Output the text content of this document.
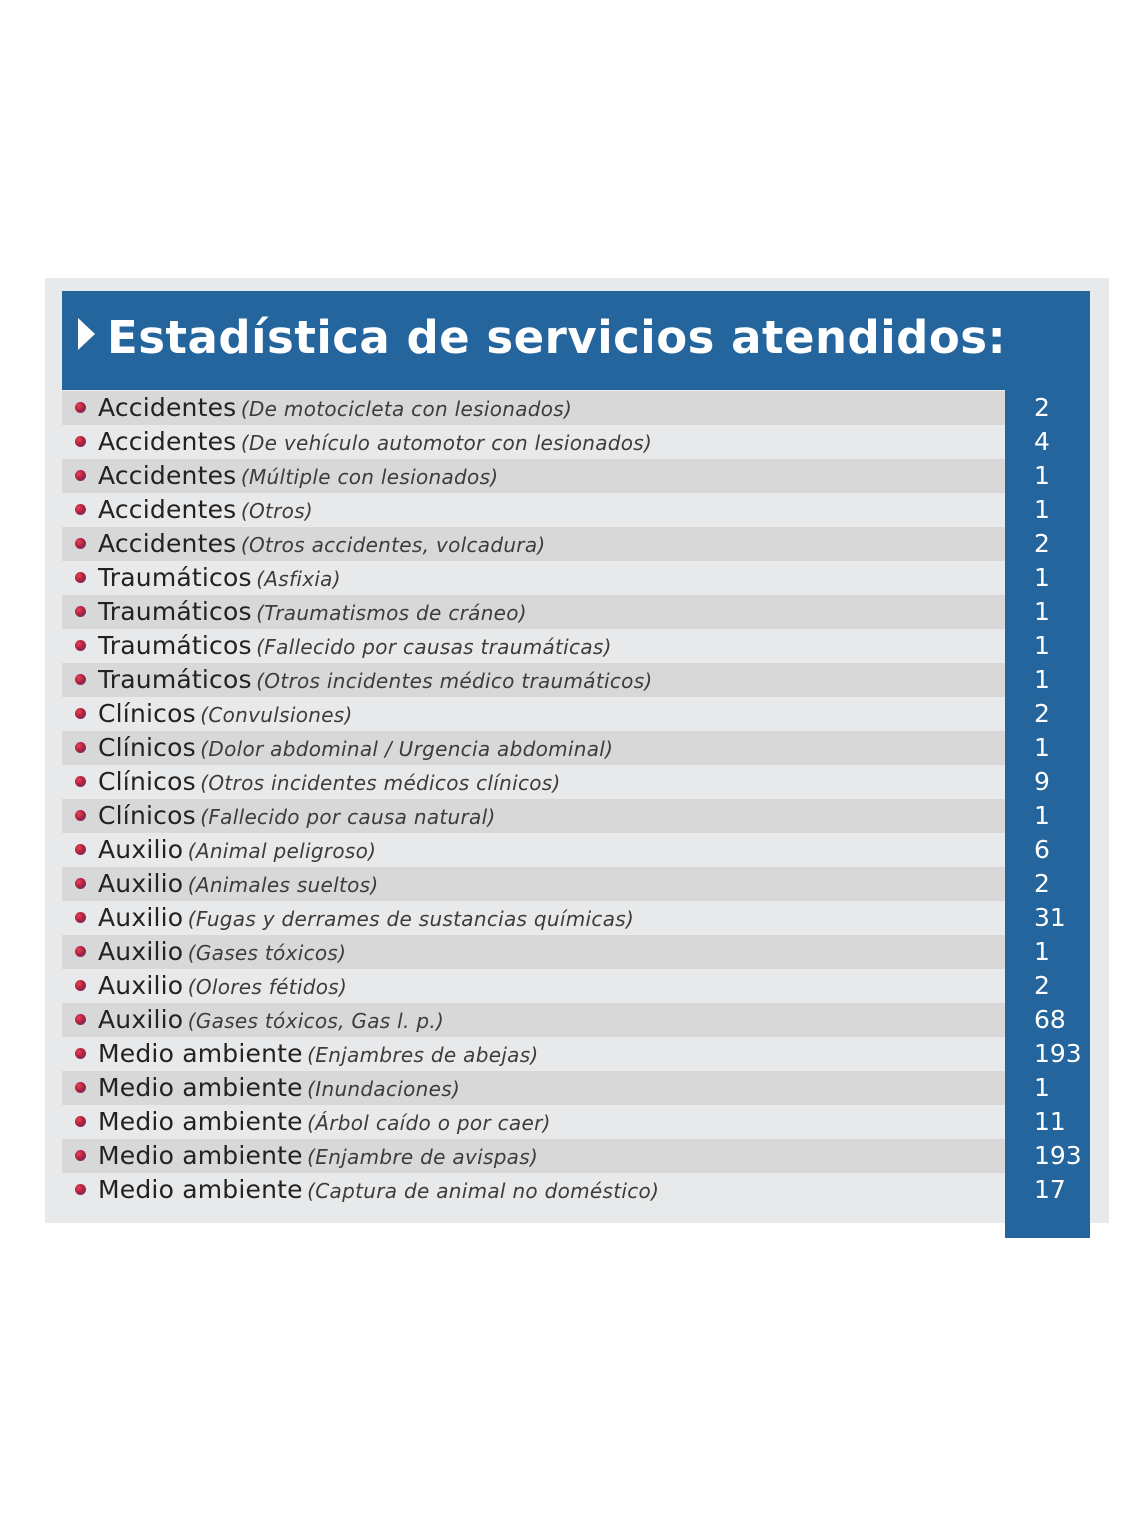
Estadística de servicios atendidos:
Accidentes (De motocicleta con lesionados)	2
Accidentes (De vehículo automotor con lesionados)	4
Accidentes (Múltiple con lesionados)	1
Accidentes (Otros)	1
Accidentes (Otros accidentes, volcadura)	2
Traumáticos (Asfixia)	1
Traumáticos (Traumatismos de cráneo)	1
Traumáticos (Fallecido por causas traumáticas)	1
Traumáticos (Otros incidentes médico traumáticos)	1
Clínicos (Convulsiones)	2
Clínicos (Dolor abdominal / Urgencia abdominal)	1
Clínicos (Otros incidentes médicos clínicos)	9
Clínicos (Fallecido por causa natural)	1
Auxilio (Animal peligroso)	6
Auxilio (Animales sueltos)	2
Auxilio (Fugas y derrames de sustancias químicas)	31
Auxilio (Gases tóxicos)	1
Auxilio (Olores fétidos)	2
Auxilio (Gases tóxicos, Gas l. p.)	68
Medio ambiente (Enjambres de abejas)	193
Medio ambiente (Inundaciones)	1
Medio ambiente (Árbol caído o por caer)	11
Medio ambiente (Enjambre de avispas)	193
Medio ambiente (Captura de animal no doméstico)	17
